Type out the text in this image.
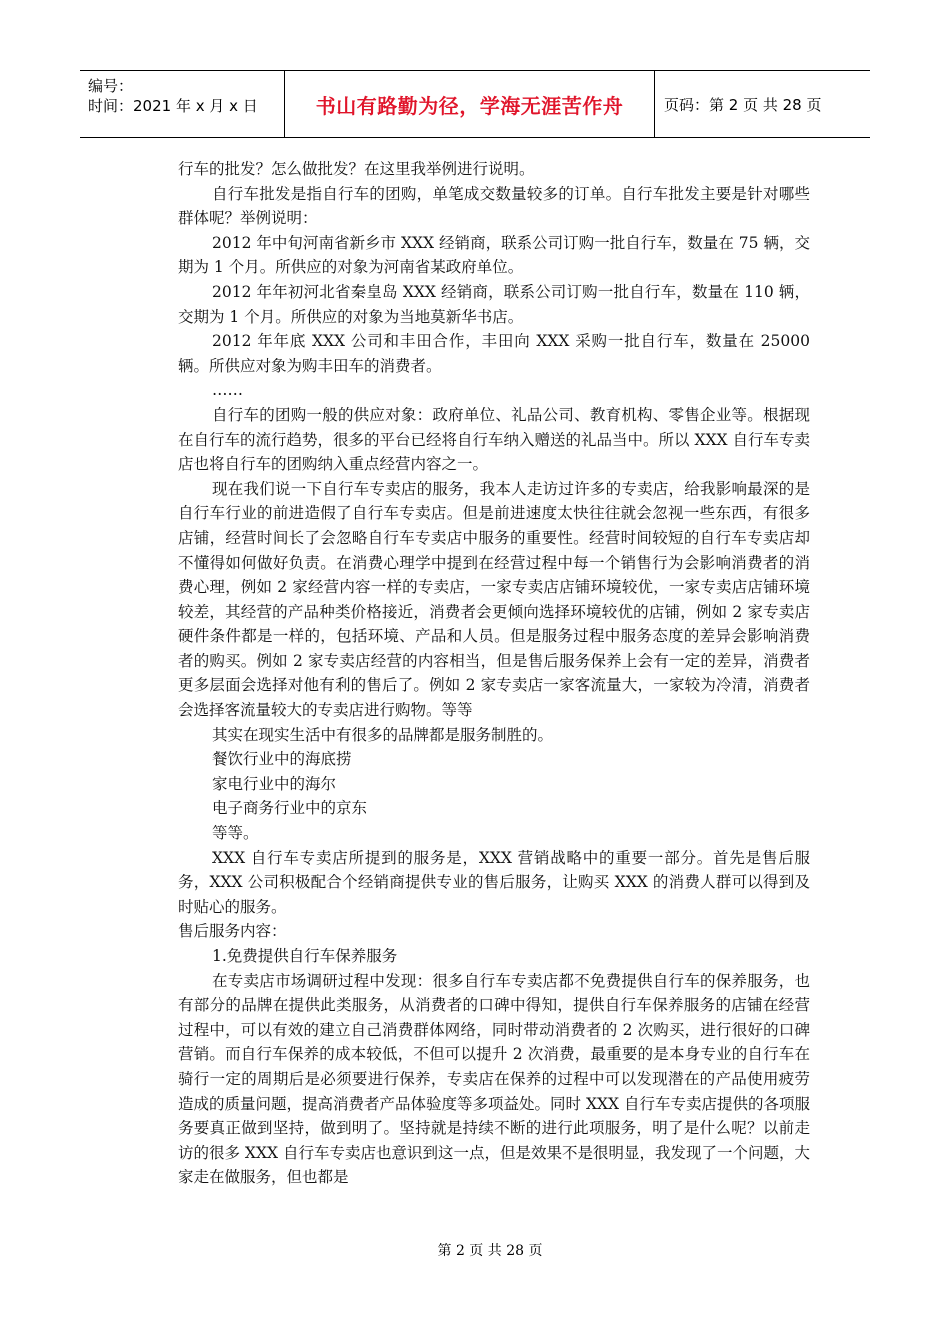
编号：
时间：2021 年 x 月 x 日	书山有路勤为径，学海无涯苦作舟	页码：第 2 页 共 28 页

行车的批发？怎么做批发？在这里我举例进行说明。

自行车批发是指自行车的团购，单笔成交数量较多的订单。自行车批发主要是针对哪些群体呢？举例说明：

2012 年中旬河南省新乡市 XXX 经销商，联系公司订购一批自行车，数量在 75 辆，交期为 1 个月。所供应的对象为河南省某政府单位。

2012 年年初河北省秦皇岛 XXX 经销商，联系公司订购一批自行车，数量在 110 辆，交期为 1 个月。所供应的对象为当地莫新华书店。

2012 年年底 XXX 公司和丰田合作，丰田向 XXX 采购一批自行车，数量在 25000 辆。所供应对象为购丰田车的消费者。

……

自行车的团购一般的供应对象：政府单位、礼品公司、教育机构、零售企业等。根据现在自行车的流行趋势，很多的平台已经将自行车纳入赠送的礼品当中。所以 XXX 自行车专卖店也将自行车的团购纳入重点经营内容之一。

现在我们说一下自行车专卖店的服务，我本人走访过许多的专卖店，给我影响最深的是自行车行业的前进造假了自行车专卖店。但是前进速度太快往往就会忽视一些东西，有很多店铺，经营时间长了会忽略自行车专卖店中服务的重要性。经营时间较短的自行车专卖店却不懂得如何做好负责。在消费心理学中提到在经营过程中每一个销售行为会影响消费者的消费心理，例如 2 家经营内容一样的专卖店，一家专卖店店铺环境较优，一家专卖店店铺环境较差，其经营的产品种类价格接近，消费者会更倾向选择环境较优的店铺，例如 2 家专卖店硬件条件都是一样的，包括环境、产品和人员。但是服务过程中服务态度的差异会影响消费者的购买。例如 2 家专卖店经营的内容相当，但是售后服务保养上会有一定的差异，消费者更多层面会选择对他有利的售后了。例如 2 家专卖店一家客流量大，一家较为冷清，消费者会选择客流量较大的专卖店进行购物。等等

其实在现实生活中有很多的品牌都是服务制胜的。

餐饮行业中的海底捞

家电行业中的海尔

电子商务行业中的京东

等等。

XXX 自行车专卖店所提到的服务是，XXX 营销战略中的重要一部分。首先是售后服务，XXX 公司积极配合个经销商提供专业的售后服务，让购买 XXX 的消费人群可以得到及时贴心的服务。

售后服务内容：

1.免费提供自行车保养服务

在专卖店市场调研过程中发现：很多自行车专卖店都不免费提供自行车的保养服务，也有部分的品牌在提供此类服务，从消费者的口碑中得知，提供自行车保养服务的店铺在经营过程中，可以有效的建立自己消费群体网络，同时带动消费者的 2 次购买，进行很好的口碑营销。而自行车保养的成本较低，不但可以提升 2 次消费，最重要的是本身专业的自行车在骑行一定的周期后是必须要进行保养，专卖店在保养的过程中可以发现潜在的产品使用疲劳造成的质量问题，提高消费者产品体验度等多项益处。同时 XXX 自行车专卖店提供的各项服务要真正做到坚持，做到明了。坚持就是持续不断的进行此项服务，明了是什么呢？以前走访的很多 XXX 自行车专卖店也意识到这一点，但是效果不是很明显，我发现了一个问题，大家走在做服务，但也都是

第 2 页 共 28 页
